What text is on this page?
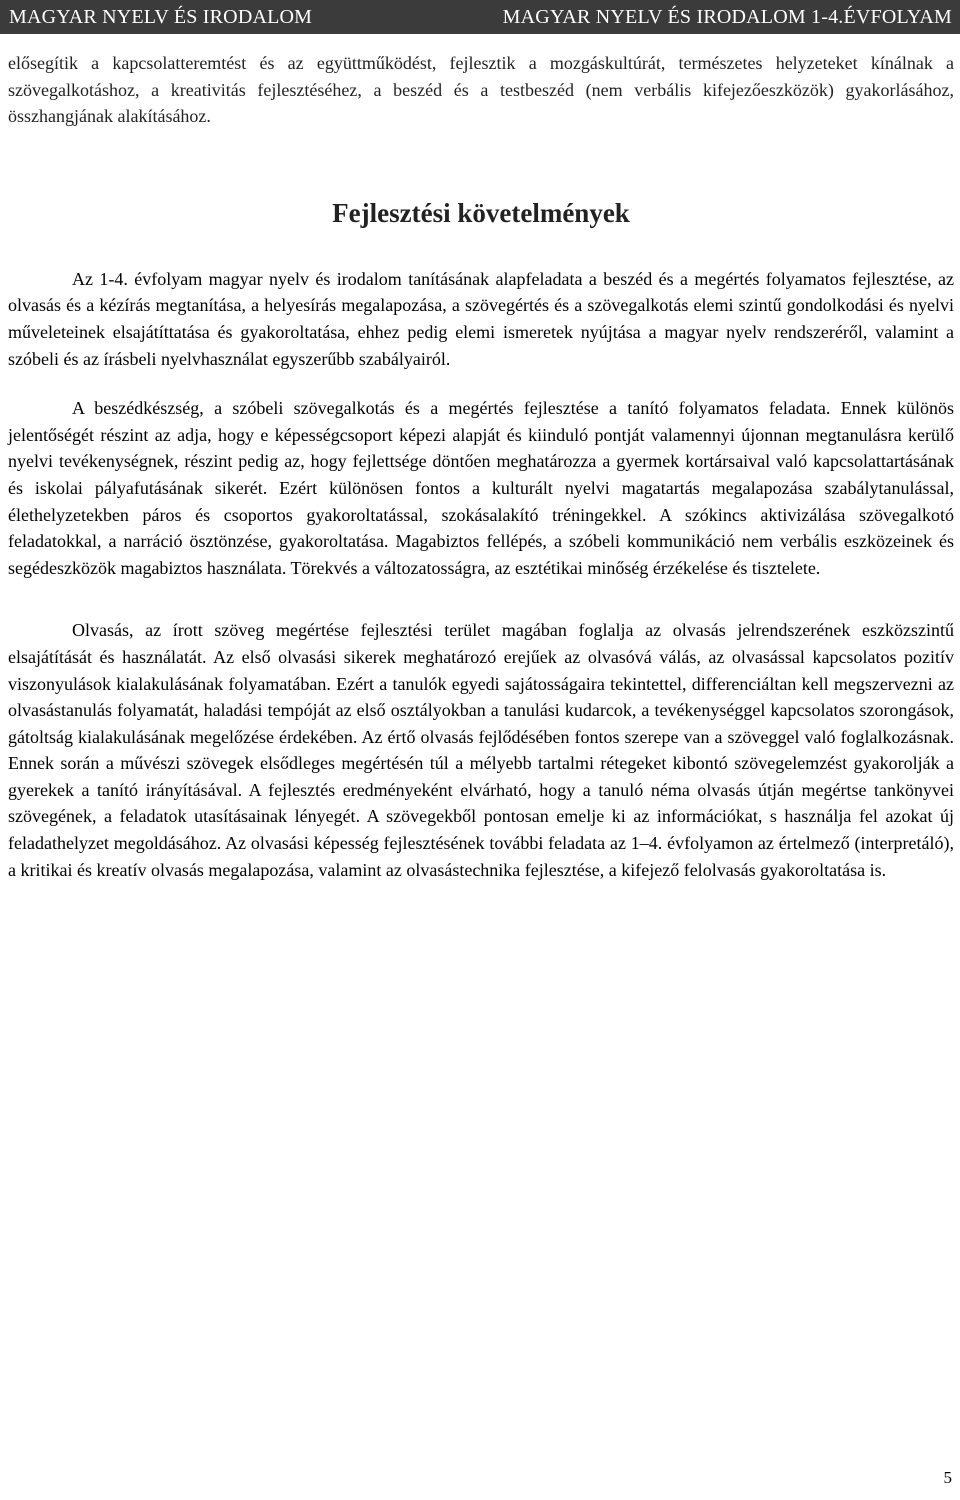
MAGYAR NYELV ÉS IRODALOM	MAGYAR NYELV ÉS IRODALOM 1-4.ÉVFOLYAM

elősegítik a kapcsolatteremtést és az együttműködést, fejlesztik a mozgáskultúrát, természetes helyzeteket kínálnak a szövegalkotáshoz, a kreativitás fejlesztéséhez, a beszéd és a testbeszéd (nem verbális kifejezőeszközök) gyakorlásához, összhangjának alakításához.

Fejlesztési követelmények

Az 1-4. évfolyam magyar nyelv és irodalom tanításának alapfeladata a beszéd és a megértés folyamatos fejlesztése, az olvasás és a kézírás megtanítása, a helyesírás megalapozása, a szövegértés és a szövegalkotás elemi szintű gondolkodási és nyelvi műveleteinek elsajátíttatása és gyakoroltatása, ehhez pedig elemi ismeretek nyújtása a magyar nyelv rendszeréről, valamint a szóbeli és az írásbeli nyelvhasználat egyszerűbb szabályairól.

A beszédkészség, a szóbeli szövegalkotás és a megértés fejlesztése a tanító folyamatos feladata. Ennek különös jelentőségét részint az adja, hogy e képességcsoport képezi alapját és kiinduló pontját valamennyi újonnan megtanulásra kerülő nyelvi tevékenységnek, részint pedig az, hogy fejlettsége döntően meghatározza a gyermek kortársaival való kapcsolattartásának és iskolai pályafutásának sikerét. Ezért különösen fontos a kulturált nyelvi magatartás megalapozása szabálytanulással, élethelyzetekben páros és csoportos gyakoroltatással, szokásalakító tréningekkel. A szókincs aktivizálása szövegalkotó feladatokkal, a narráció ösztönzése, gyakoroltatása. Magabiztos fellépés, a szóbeli kommunikáció nem verbális eszközeinek és segédeszközök magabiztos használata. Törekvés a változatosságra, az esztétikai minőség érzékelése és tisztelete.

Olvasás, az írott szöveg megértése fejlesztési terület magában foglalja az olvasás jelrendszerének eszközszintű elsajátítását és használatát. Az első olvasási sikerek meghatározó erejűek az olvasóvá válás, az olvasással kapcsolatos pozitív viszonyulások kialakulásának folyamatában. Ezért a tanulók egyedi sajátosságaira tekintettel, differenciáltan kell megszervezni az olvasástanulás folyamatát, haladási tempóját az első osztályokban a tanulási kudarcok, a tevékenységgel kapcsolatos szorongások, gátoltság kialakulásának megelőzése érdekében. Az értő olvasás fejlődésében fontos szerepe van a szöveggel való foglalkozásnak. Ennek során a művészi szövegek elsődleges megértésén túl a mélyebb tartalmi rétegeket kibontó szövegelemzést gyakorolják a gyerekek a tanító irányításával. A fejlesztés eredményeként elvárható, hogy a tanuló néma olvasás útján megértse tankönyvei szövegének, a feladatok utasításainak lényegét. A szövegekből pontosan emelje ki az információkat, s használja fel azokat új feladathelyzet megoldásához. Az olvasási képesség fejlesztésének további feladata az 1–4. évfolyamon az értelmező (interpretáló), a kritikai és kreatív olvasás megalapozása, valamint az olvasástechnika fejlesztése, a kifejező felolvasás gyakoroltatása is.

5
